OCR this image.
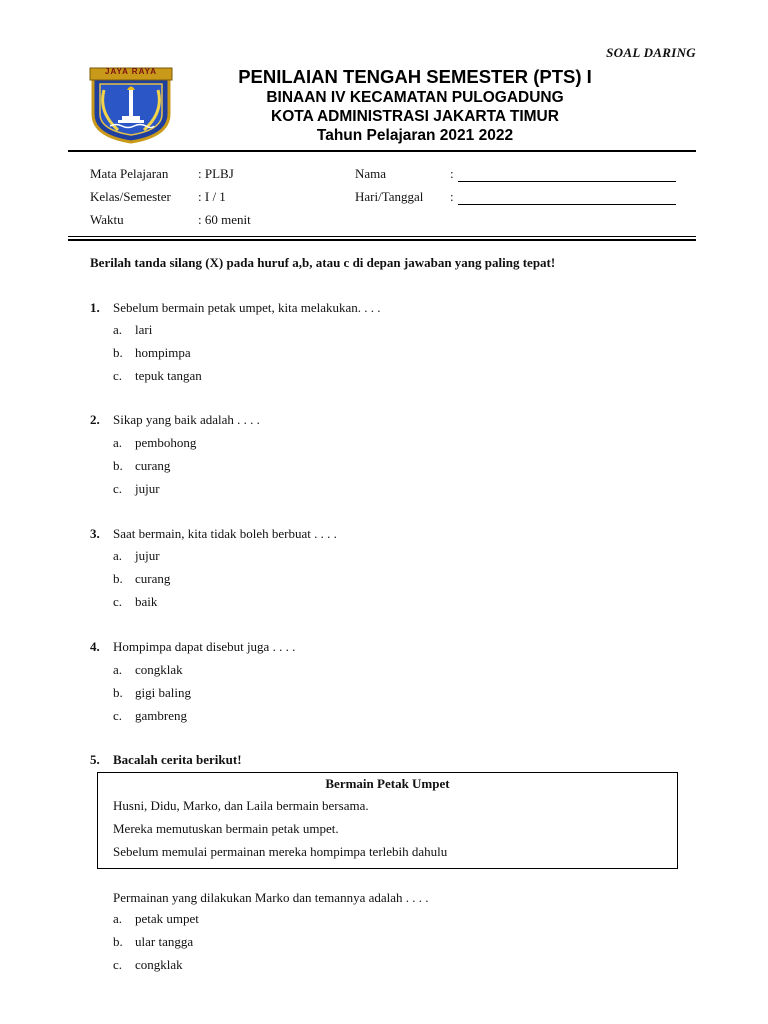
SOAL DARING
JAYA RAYA	PENILAIAN TENGAH SEMESTER (PTS) I
BINAAN IV KECAMATAN PULOGADUNG
KOTA ADMINISTRASI JAKARTA TIMUR
Tahun Pelajaran 2021 2022
Mata Pelajaran : PLBJ
Kelas/Semester : I / 1
Waktu	: 60 menit
Nama	:
Hari/Tanggal :
Berilah tanda silang (X) pada huruf a,b, atau c di depan jawaban yang paling tepat!
1. Sebelum bermain petak umpet, kita melakukan. . . .
a. lari
b. hompimpa
c. tepuk tangan
2. Sikap yang baik adalah . . . .
a. pembohong
b. curang
c. jujur
3. Saat bermain, kita tidak boleh berbuat . . . .
a. jujur
b. curang
c. baik
4. Hompimpa dapat disebut juga . . . .
a. congklak
b. gigi baling
c. gambreng
5. Bacalah cerita berikut!
Bermain Petak Umpet
Husni, Didu, Marko, dan Laila bermain bersama.
Mereka memutuskan bermain petak umpet.
Sebelum memulai permainan mereka hompimpa terlebih dahulu
Permainan yang dilakukan Marko dan temannya adalah . . . .
a. petak umpet
b. ular tangga
c. congklak
